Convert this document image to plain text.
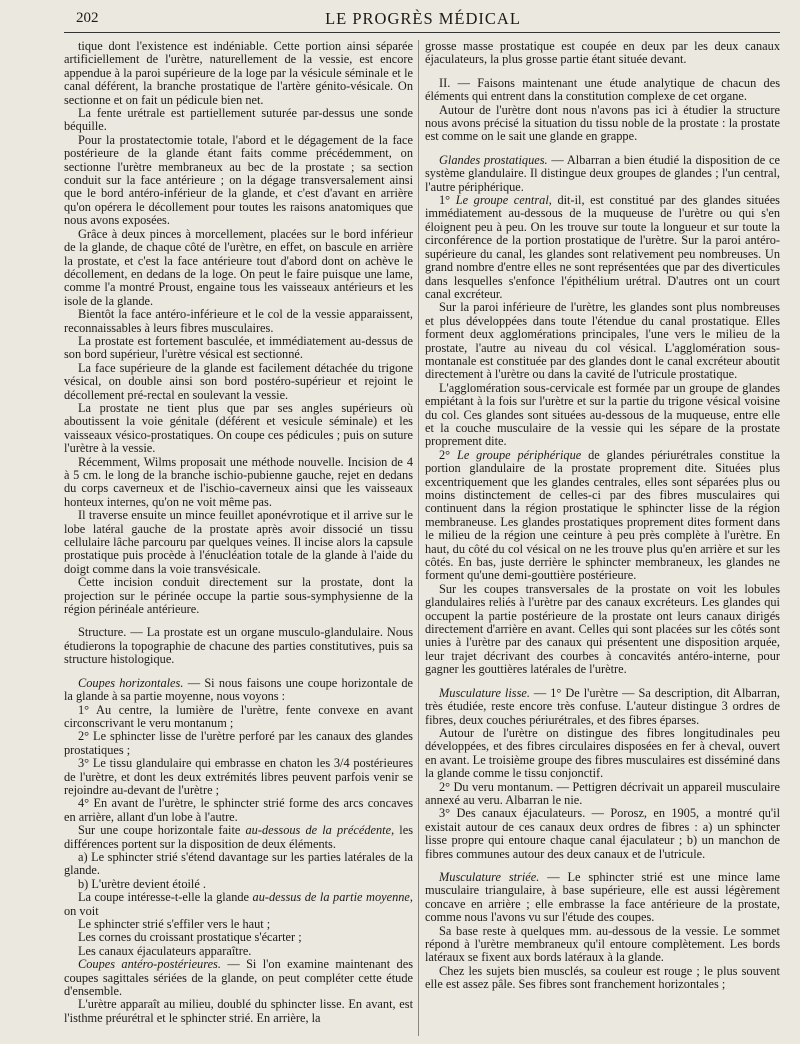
202	LE PROGRÈS MÉDICAL

tique dont l'existence est indéniable. Cette portion ainsi séparée artificiellement de l'urètre, naturellement de la vessie, est encore appendue à la paroi supérieure de la loge par la vésicule séminale et le canal déférent, la branche prostatique de l'artère génito-vésicale. On sectionne et on fait un pédicule bien net.

La fente urétrale est partiellement suturée par-dessus une sonde béquille.

Pour la prostatectomie totale, l'abord et le dégagement de la face postérieure de la glande étant faits comme précédemment, on sectionne l'urètre membraneux au bec de la prostate ; sa section conduit sur la face antérieure ; on la dégage transversalement ainsi que le bord antéro-inférieur de la glande, et c'est d'avant en arrière qu'on opérera le décollement pour toutes les raisons anatomiques que nous avons exposées.

Grâce à deux pinces à morcellement, placées sur le bord inférieur de la glande, de chaque côté de l'urètre, en effet, on bascule en arrière la prostate, et c'est la face antérieure tout d'abord dont on achève le décollement, en dedans de la loge. On peut le faire puisque une lame, comme l'a montré Proust, engaine tous les vaisseaux antérieurs et les isole de la glande.

Bientôt la face antéro-inférieure et le col de la vessie apparaissent, reconnaissables à leurs fibres musculaires.

La prostate est fortement basculée, et immédiatement au-dessus de son bord supérieur, l'urètre vésical est sectionné.

La face supérieure de la glande est facilement détachée du trigone vésical, on double ainsi son bord postéro-supérieur et rejoint le décollement pré-rectal en soulevant la vessie.

La prostate ne tient plus que par ses angles supérieurs où aboutissent la voie génitale (déférent et vesicule séminale) et les vaisseaux vésico-prostatiques. On coupe ces pédicules ; puis on suture l'urètre à la vessie.

Récemment, Wilms proposait une méthode nouvelle. Incision de 4 à 5 cm. le long de la branche ischio-pubienne gauche, rejet en dedans du corps caverneux et de l'ischio-caverneux ainsi que les vaisseaux honteux internes, qu'on ne voit même pas.

Il traverse ensuite un mince feuillet aponévrotique et il arrive sur le lobe latéral gauche de la prostate après avoir dissocié un tissu cellulaire lâche parcouru par quelques veines. Il incise alors la capsule prostatique puis procède à l'énucléation totale de la glande à l'aide du doigt comme dans la voie transvésicale.

Cette incision conduit directement sur la prostate, dont la projection sur le périnée occupe la partie sous-symphysienne de la région périnéale antérieure.

Structure. — La prostate est un organe musculo-glandulaire. Nous étudierons la topographie de chacune des parties constitutives, puis sa structure histologique.

Coupes horizontales. — Si nous faisons une coupe horizontale de la glande à sa partie moyenne, nous voyons :

1° Au centre, la lumière de l'urètre, fente convexe en avant circonscrivant le veru montanum ;

2° Le sphincter lisse de l'urètre perforé par les canaux des glandes prostatiques ;

3° Le tissu glandulaire qui embrasse en chaton les 3/4 postérieures de l'urètre, et dont les deux extrémités libres peuvent parfois venir se rejoindre au-devant de l'urètre ;

4° En avant de l'urètre, le sphincter strié forme des arcs concaves en arrière, allant d'un lobe à l'autre.

Sur une coupe horizontale faite au-dessous de la précédente, les différences portent sur la disposition de deux éléments.

a) Le sphincter strié s'étend davantage sur les parties latérales de la glande.

b) L'urètre devient étoilé .

La coupe intéresse-t-elle la glande au-dessus de la partie moyenne, on voit

Le sphincter strié s'effiler vers le haut ;

Les cornes du croissant prostatique s'écarter ;

Les canaux éjaculateurs apparaître.

Coupes antéro-postérieures. — Si l'on examine maintenant des coupes sagittales sériées de la glande, on peut compléter cette étude d'ensemble.

L'urètre apparaît au milieu, doublé du sphincter lisse. En avant, est l'isthme préurétral et le sphincter strié. En arrière, la

grosse masse prostatique est coupée en deux par les deux canaux éjaculateurs, la plus grosse partie étant située devant.

II. — Faisons maintenant une étude analytique de chacun des éléments qui entrent dans la constitution complexe de cet organe.

Autour de l'urètre dont nous n'avons pas ici à étudier la structure nous avons précisé la situation du tissu noble de la prostate : la prostate est comme on le sait une glande en grappe.

Glandes prostatiques. — Albarran a bien étudié la disposition de ce système glandulaire. Il distingue deux groupes de glandes ; l'un central, l'autre périphérique.

1° Le groupe central, dit-il, est constitué par des glandes situées immédiatement au-dessous de la muqueuse de l'urètre ou qui s'en éloignent peu à peu. On les trouve sur toute la longueur et sur toute la circonférence de la portion prostatique de l'urètre. Sur la paroi antéro-supérieure du canal, les glandes sont relativement peu nombreuses. Un grand nombre d'entre elles ne sont représentées que par des diverticules dans lesquelles s'enfonce l'épithélium urétral. D'autres ont un court canal excréteur.

Sur la paroi inférieure de l'urètre, les glandes sont plus nombreuses et plus développées dans toute l'étendue du canal prostatique. Elles forment deux agglomérations principales, l'une vers le milieu de la prostate, l'autre au niveau du col vésical. L'agglomération sous-montanale est constituée par des glandes dont le canal excréteur aboutit directement à l'urètre ou dans la cavité de l'utricule prostatique.

L'agglomération sous-cervicale est formée par un groupe de glandes empiétant à la fois sur l'urètre et sur la partie du trigone vésical voisine du col. Ces glandes sont situées au-dessous de la muqueuse, entre elle et la couche musculaire de la vessie qui les sépare de la prostate proprement dite.

2° Le groupe périphérique de glandes périurétrales constitue la portion glandulaire de la prostate proprement dite. Situées plus excentriquement que les glandes centrales, elles sont séparées plus ou moins distinctement de celles-ci par des fibres musculaires qui continuent dans la région prostatique le sphincter lisse de la région membraneuse. Les glandes prostatiques proprement dites forment dans le milieu de la région une ceinture à peu près complète à l'urètre. En haut, du côté du col vésical on ne les trouve plus qu'en arrière et sur les côtés. En bas, juste derrière le sphincter membraneux, les glandes ne forment qu'une demi-gouttière postérieure.

Sur les coupes transversales de la prostate on voit les lobules glandulaires reliés à l'urètre par des canaux excréteurs. Les glandes qui occupent la partie postérieure de la prostate ont leurs canaux dirigés directement d'arrière en avant. Celles qui sont placées sur les côtés sont unies à l'urètre par des canaux qui présentent une disposition arquée, leur trajet décrivant des courbes à concavités antéro-interne, pour gagner les gouttières latérales de l'urètre.

Musculature lisse. — 1° De l'urètre — Sa description, dit Albarran, très étudiée, reste encore très confuse. L'auteur distingue 3 ordres de fibres, deux couches périurétrales, et des fibres éparses.

Autour de l'urètre on distingue des fibres longitudinales peu développées, et des fibres circulaires disposées en fer à cheval, ouvert en avant. Le troisième groupe des fibres musculaires est disséminé dans la glande comme le tissu conjonctif.

2° Du veru montanum. — Pettigren décrivait un appareil musculaire annexé au veru. Albarran le nie.

3° Des canaux éjaculateurs. — Porosz, en 1905, a montré qu'il existait autour de ces canaux deux ordres de fibres : a) un sphincter lisse propre qui entoure chaque canal éjaculateur ; b) un manchon de fibres communes autour des deux canaux et de l'utricule.

Musculature striée. — Le sphincter strié est une mince lame musculaire triangulaire, à base supérieure, elle est aussi légèrement concave en arrière ; elle embrasse la face antérieure de la prostate, comme nous l'avons vu sur l'étude des coupes.

Sa base reste à quelques mm. au-dessous de la vessie. Le sommet répond à l'urètre membraneux qu'il entoure complètement. Les bords latéraux se fixent aux bords latéraux à la glande.

Chez les sujets bien musclés, sa couleur est rouge ; le plus souvent elle est assez pâle. Ses fibres sont franchement horizontales ;
